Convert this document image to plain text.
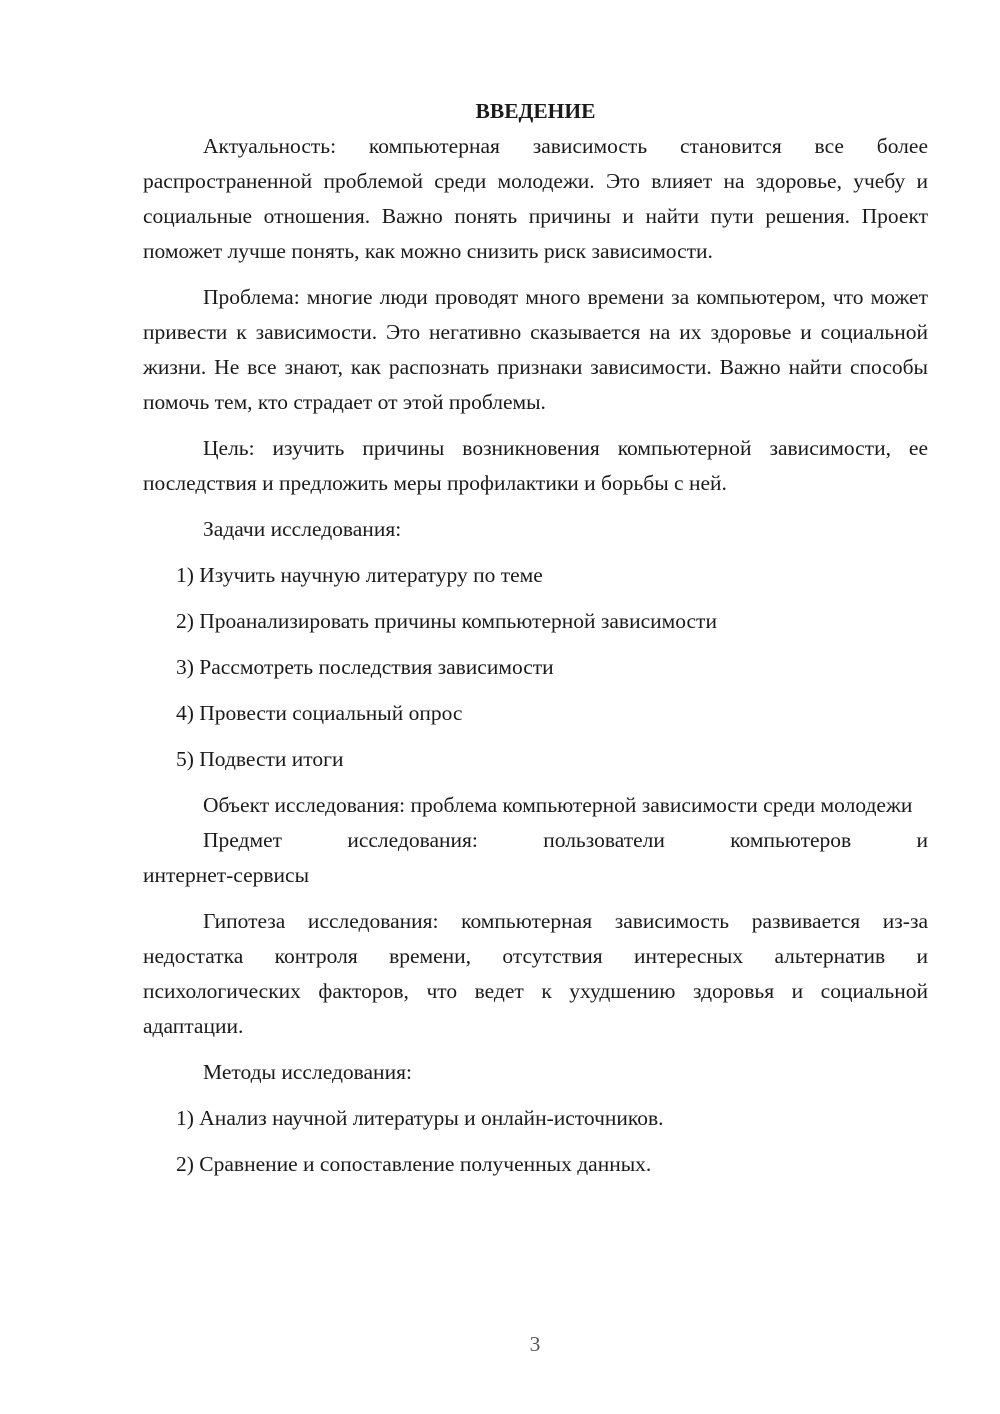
ВВЕДЕНИЕ

Актуальность: компьютерная зависимость становится все более распространенной проблемой среди молодежи. Это влияет на здоровье, учебу и социальные отношения. Важно понять причины и найти пути решения. Проект поможет лучше понять, как можно снизить риск зависимости.

Проблема: многие люди проводят много времени за компьютером, что может привести к зависимости. Это негативно сказывается на их здоровье и социальной жизни. Не все знают, как распознать признаки зависимости. Важно найти способы помочь тем, кто страдает от этой проблемы.

Цель: изучить причины возникновения компьютерной зависимости, ее последствия и предложить меры профилактики и борьбы с ней.

Задачи исследования:

1) Изучить научную литературу по теме

2) Проанализировать причины компьютерной зависимости

3) Рассмотреть последствия зависимости

4) Провести социальный опрос

5) Подвести итоги

Объект исследования: проблема компьютерной зависимости среди молодежи

Предмет	исследования:	пользователи	компьютеров	и
интернет-сервисы

Гипотеза исследования: компьютерная зависимость развивается из-за недостатка контроля времени, отсутствия интересных альтернатив и психологических факторов, что ведет к ухудшению здоровья и социальной адаптации.

Методы исследования:

1) Анализ научной литературы и онлайн-источников.

2) Сравнение и сопоставление полученных данных.

3
